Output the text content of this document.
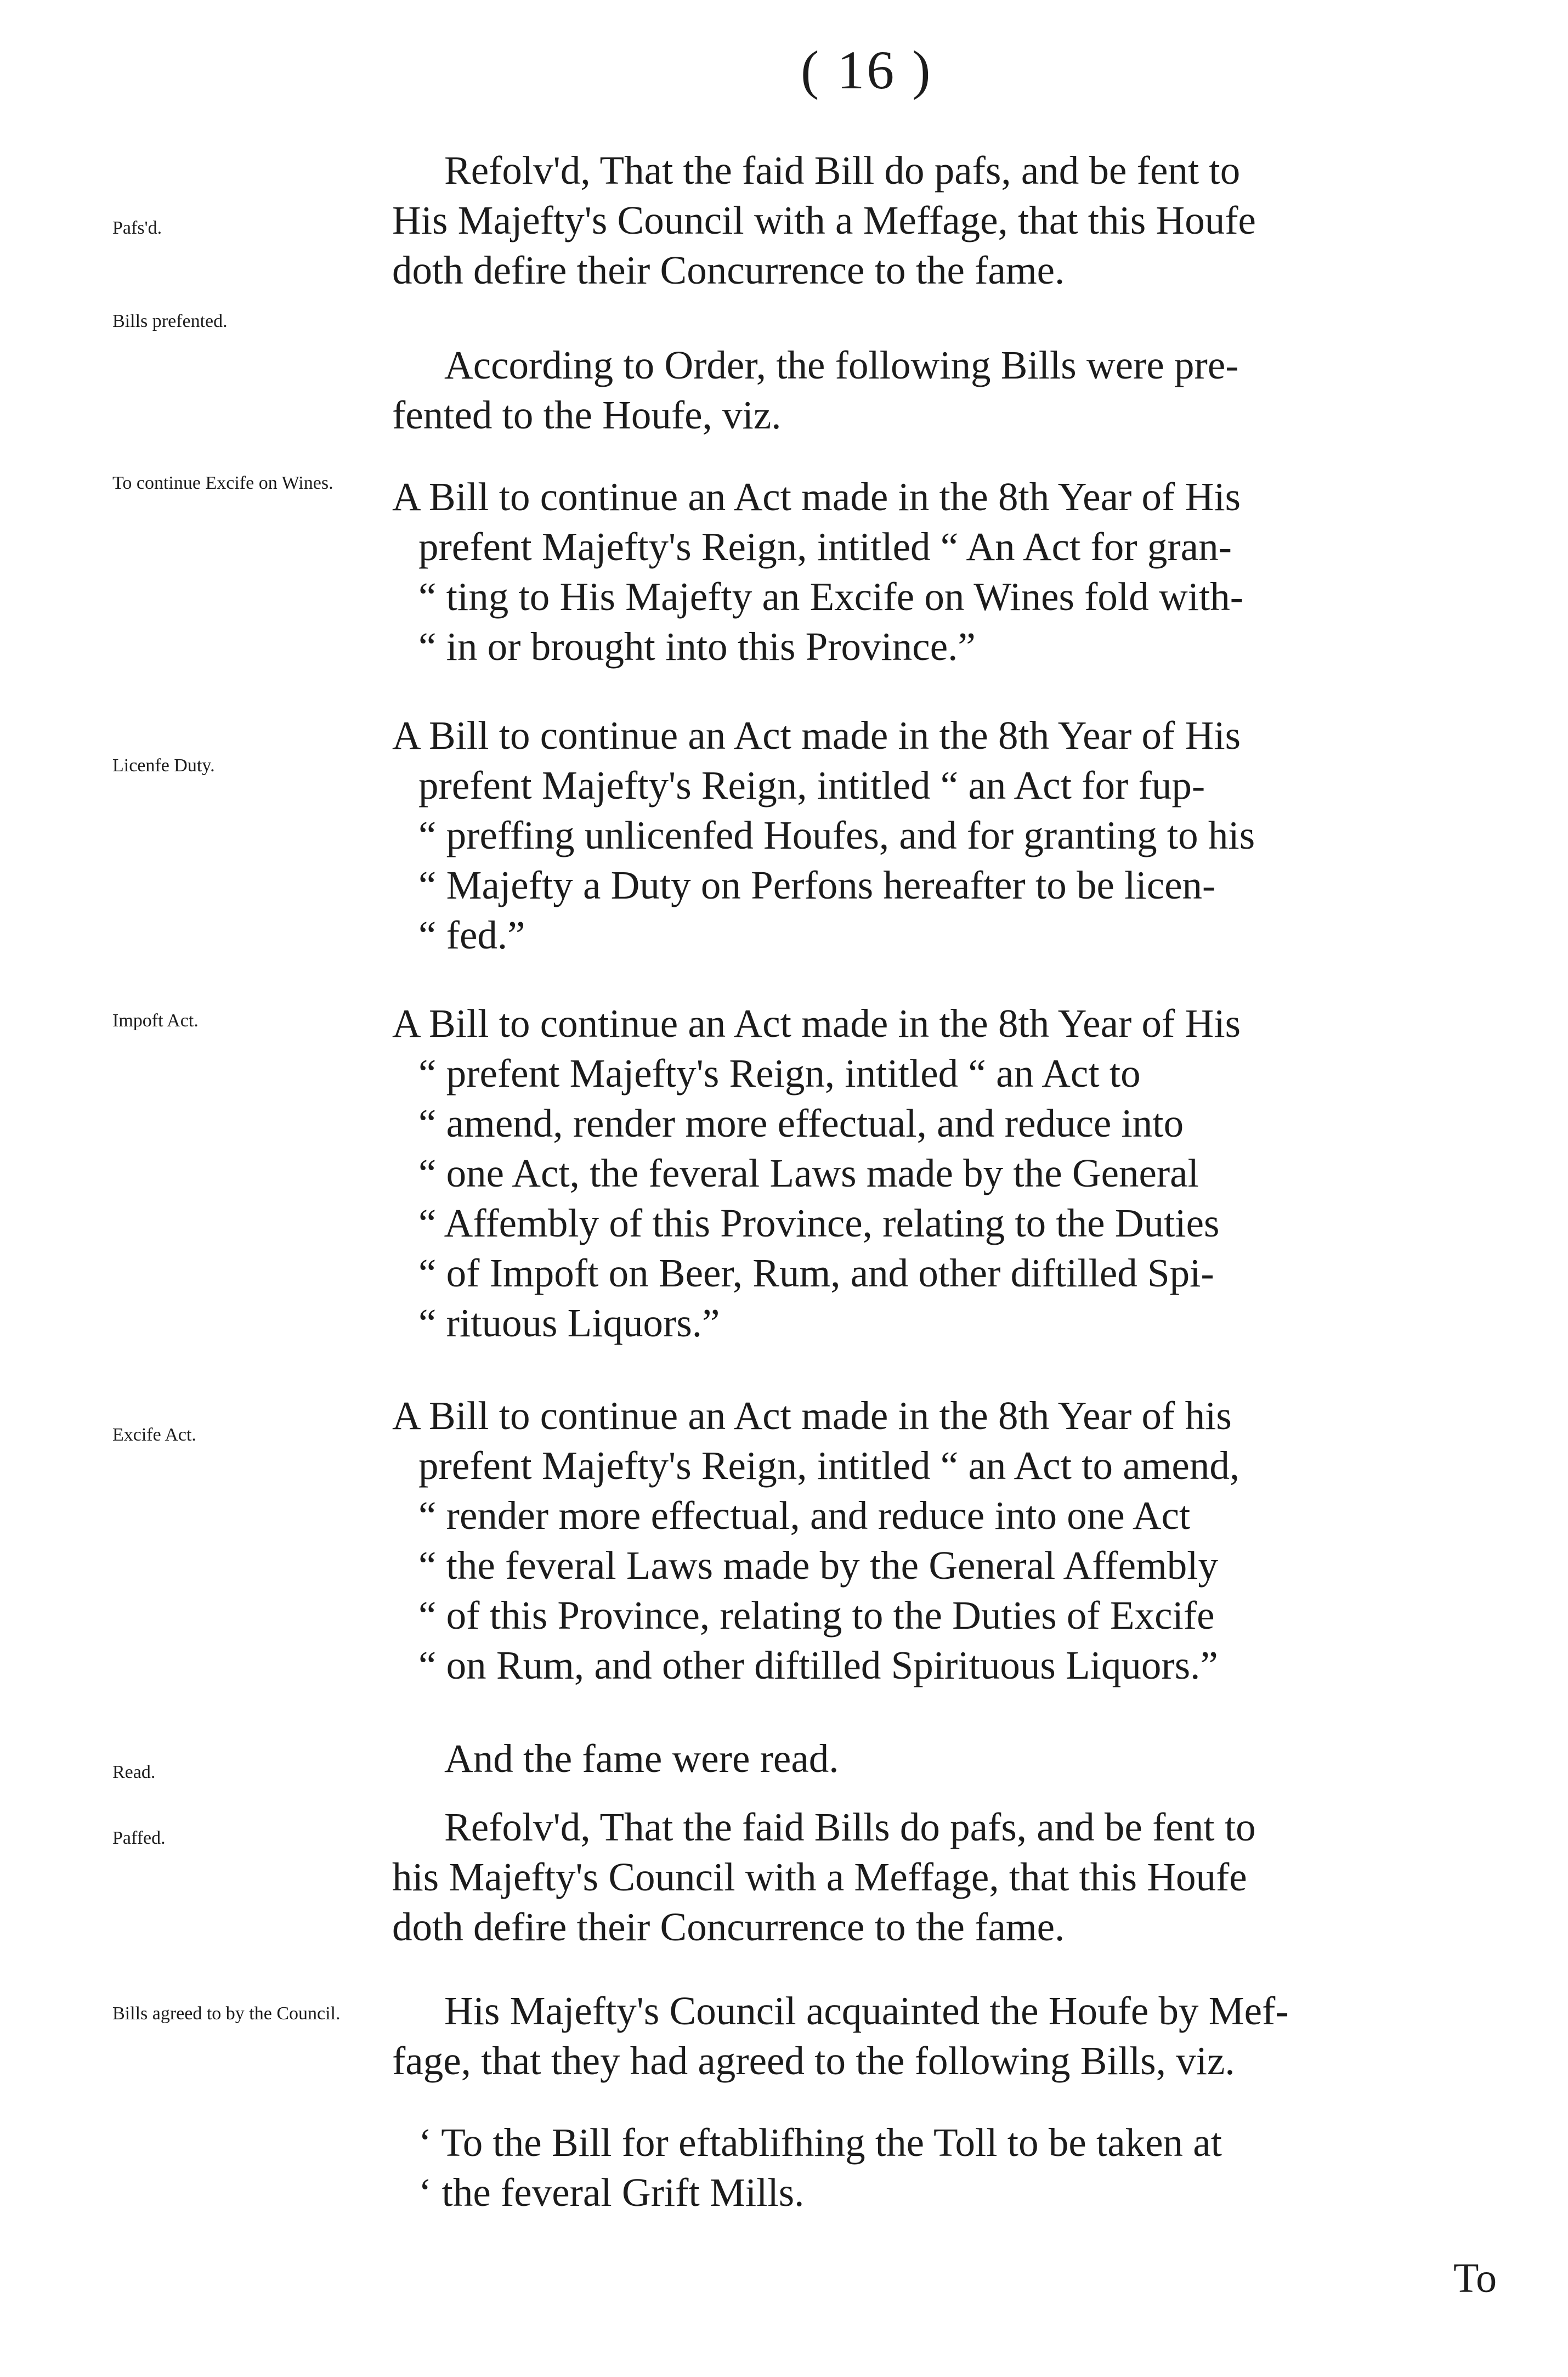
( 16 )
Pafs'd.
Bills prefented.
To continue Excife on Wines.
Licenfe Duty.
Impoft Act.
Excife Act.
Read.
Paffed.
Bills agreed to by the Council.
Refolv'd, That the faid Bill do pafs, and be fent to
His Majefty's Council with a Meffage, that this Houfe
doth defire their Concurrence to the fame.
According to Order, the following Bills were pre-
fented to the Houfe, viz.
A Bill to continue an Act made in the 8th Year of His
prefent Majefty's Reign, intitled “ An Act for gran-
“ ting to His Majefty an Excife on Wines fold with-
“ in or brought into this Province.”
A Bill to continue an Act made in the 8th Year of His
prefent Majefty's Reign, intitled “ an Act for fup-
“ preffing unlicenfed Houfes, and for granting to his
“ Majefty a Duty on Perfons hereafter to be licen-
“ fed.”
A Bill to continue an Act made in the 8th Year of His
“ prefent Majefty's Reign, intitled “ an Act to
“ amend, render more effectual, and reduce into
“ one Act, the feveral Laws made by the General
“ Affembly of this Province, relating to the Duties
“ of Impoft on Beer, Rum, and other diftilled Spi-
“ rituous Liquors.”
A Bill to continue an Act made in the 8th Year of his
prefent Majefty's Reign, intitled “ an Act to amend,
“ render more effectual, and reduce into one Act
“ the feveral Laws made by the General Affembly
“ of this Province, relating to the Duties of Excife
“ on Rum, and other diftilled Spirituous Liquors.”
And the fame were read.
Refolv'd, That the faid Bills do pafs, and be fent to
his Majefty's Council with a Meffage, that this Houfe
doth defire their Concurrence to the fame.
His Majefty's Council acquainted the Houfe by Mef-
fage, that they had agreed to the following Bills, viz.
‘ To the Bill for eftablifhing the Toll to be taken at
‘ the feveral Grift Mills.
To
